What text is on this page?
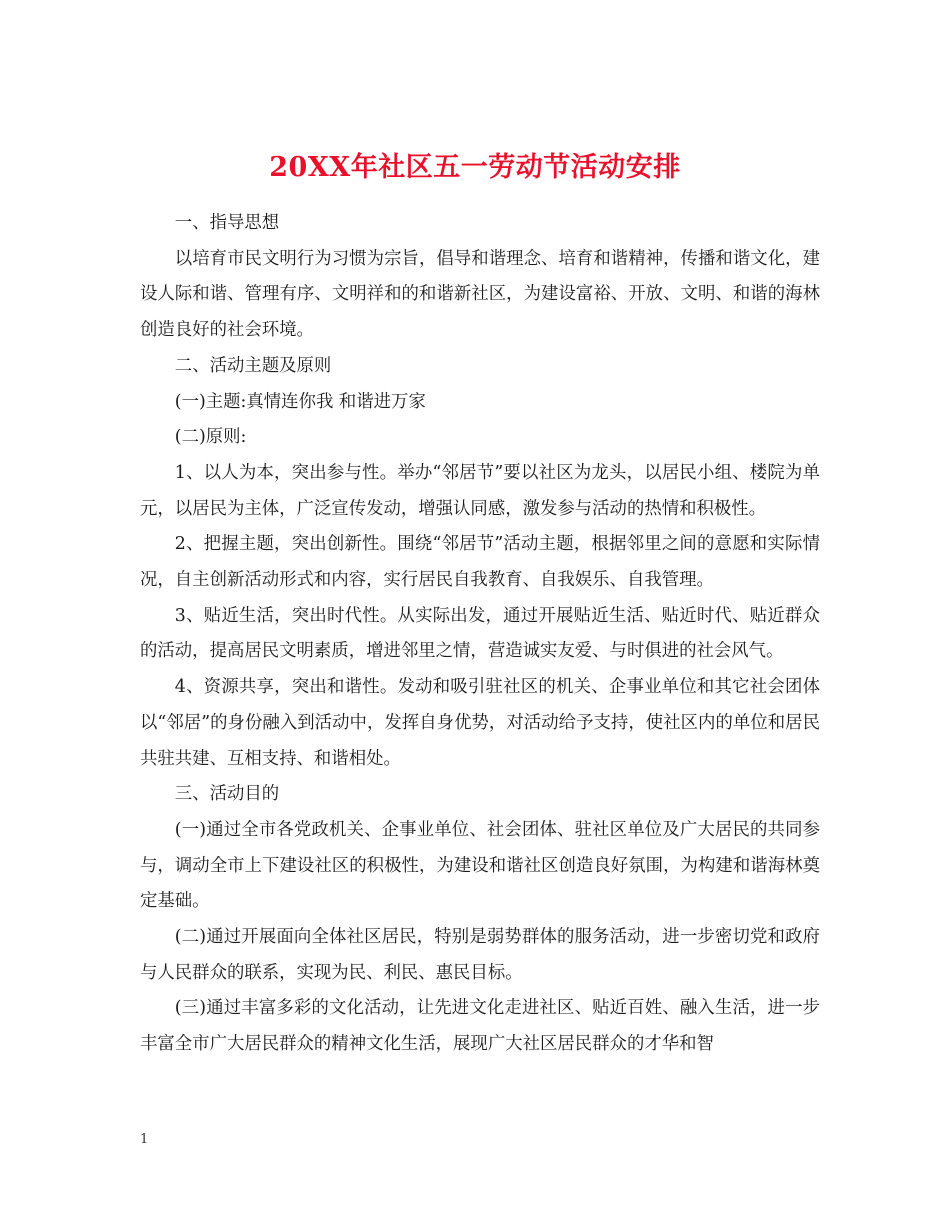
20XX年社区五一劳动节活动安排

一、指导思想

以培育市民文明行为习惯为宗旨，倡导和谐理念、培育和谐精神，传播和谐文化，建设人际和谐、管理有序、文明祥和的和谐新社区，为建设富裕、开放、文明、和谐的海林创造良好的社会环境。

二、活动主题及原则

(一)主题:真情连你我 和谐进万家

(二)原则:

1、以人为本，突出参与性。举办“邻居节”要以社区为龙头，以居民小组、楼院为单元，以居民为主体，广泛宣传发动，增强认同感，激发参与活动的热情和积极性。

2、把握主题，突出创新性。围绕“邻居节”活动主题，根据邻里之间的意愿和实际情况，自主创新活动形式和内容，实行居民自我教育、自我娱乐、自我管理。

3、贴近生活，突出时代性。从实际出发，通过开展贴近生活、贴近时代、贴近群众的活动，提高居民文明素质，增进邻里之情，营造诚实友爱、与时俱进的社会风气。

4、资源共享，突出和谐性。发动和吸引驻社区的机关、企事业单位和其它社会团体以“邻居”的身份融入到活动中，发挥自身优势，对活动给予支持，使社区内的单位和居民共驻共建、互相支持、和谐相处。

三、活动目的

(一)通过全市各党政机关、企事业单位、社会团体、驻社区单位及广大居民的共同参与，调动全市上下建设社区的积极性，为建设和谐社区创造良好氛围，为构建和谐海林奠定基础。

(二)通过开展面向全体社区居民，特别是弱势群体的服务活动，进一步密切党和政府与人民群众的联系，实现为民、利民、惠民目标。

(三)通过丰富多彩的文化活动，让先进文化走进社区、贴近百姓、融入生活，进一步丰富全市广大居民群众的精神文化生活，展现广大社区居民群众的才华和智

1
